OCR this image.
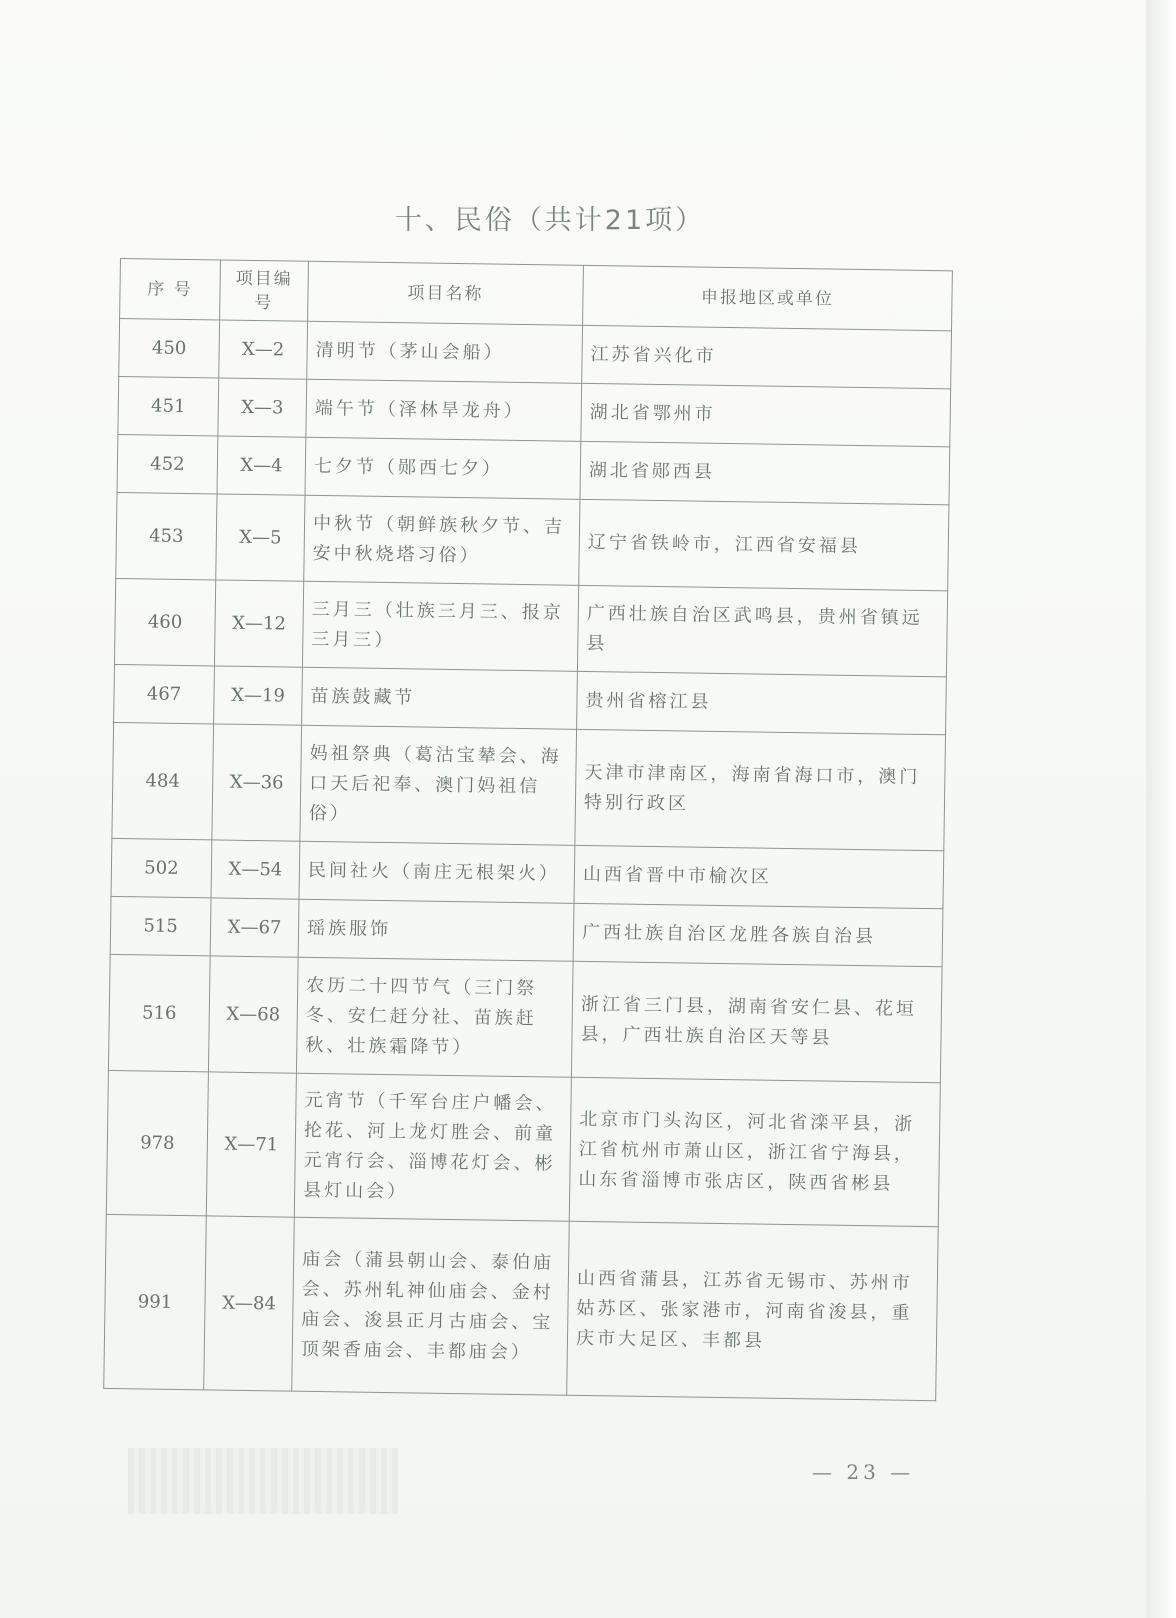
十、民俗（共计21项）
序 号	项目编号	项目名称	申报地区或单位
450	Ⅹ—2	清明节（茅山会船）	江苏省兴化市
451	Ⅹ—3	端午节（泽林旱龙舟）	湖北省鄂州市
452	Ⅹ—4	七夕节（郧西七夕）	湖北省郧西县
453	Ⅹ—5	中秋节（朝鲜族秋夕节、吉安中秋烧塔习俗）	辽宁省铁岭市，江西省安福县
460	Ⅹ—12	三月三（壮族三月三、报京三月三）	广西壮族自治区武鸣县，贵州省镇远县
467	Ⅹ—19	苗族鼓藏节	贵州省榕江县
484	Ⅹ—36	妈祖祭典（葛沽宝辇会、海口天后祀奉、澳门妈祖信俗）	天津市津南区，海南省海口市，澳门特别行政区
502	Ⅹ—54	民间社火（南庄无根架火）	山西省晋中市榆次区
515	Ⅹ—67	瑶族服饰	广西壮族自治区龙胜各族自治县
516	Ⅹ—68	农历二十四节气（三门祭冬、安仁赶分社、苗族赶秋、壮族霜降节）	浙江省三门县，湖南省安仁县、花垣县，广西壮族自治区天等县
978	Ⅹ—71	元宵节（千军台庄户幡会、抡花、河上龙灯胜会、前童元宵行会、淄博花灯会、彬县灯山会）	北京市门头沟区，河北省滦平县，浙江省杭州市萧山区，浙江省宁海县，山东省淄博市张店区，陕西省彬县
991	Ⅹ—84	庙会（蒲县朝山会、泰伯庙会、苏州轧神仙庙会、金村庙会、浚县正月古庙会、宝顶架香庙会、丰都庙会）	山西省蒲县，江苏省无锡市、苏州市姑苏区、张家港市，河南省浚县，重庆市大足区、丰都县
— 23 —
